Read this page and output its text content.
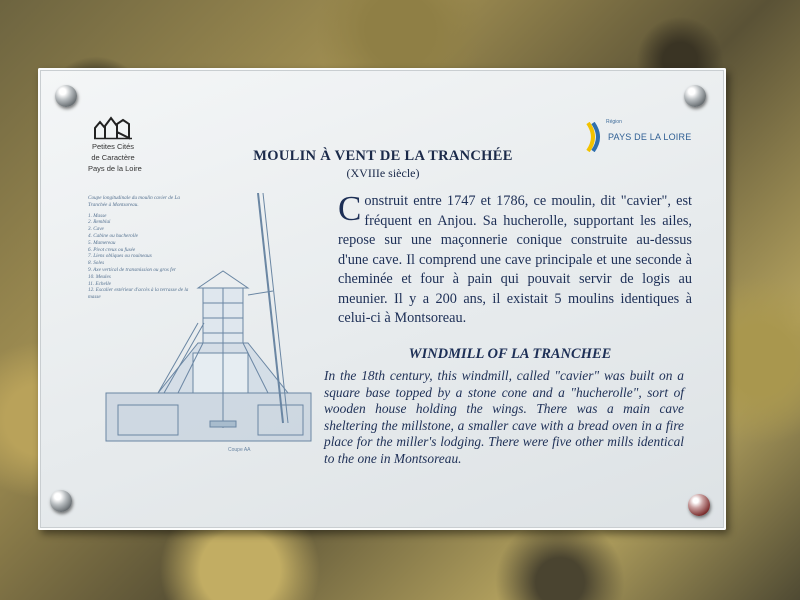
Petites Cités
de Caractère
Pays de la Loire
Région
PAYS DE LA LOIRE
MOULIN À VENT DE LA TRANCHÉE
(XVIIIe siècle)
Coupe longitudinale du moulin cavier de La Tranchée à Montsoreau.
1. Masse
2. Remblai
3. Cave
4. Cabine ou hucherolle
5. Mamereau
6. Pivot creux ou fusée
7. Liens obliques ou rouineaux
8. Soles
9. Axe vertical de transmission ou gros fer
10. Meules
11. Echelle
12. Escalier extérieur d'accès à la terrasse de la masse
Coupe AA
C onstruit entre 1747 et 1786, ce moulin, dit "cavier", est fréquent en Anjou. Sa hucherolle, supportant les ailes, repose sur une maçonnerie conique construite au-dessus d'une cave. Il comprend une cave principale et une seconde à cheminée et four à pain qui pouvait servir de logis au meunier. Il y a 200 ans, il existait 5 moulins identiques à celui-ci à Montsoreau.
WINDMILL OF LA TRANCHEE
In the 18th century, this windmill, called "cavier" was built on a square base topped by a stone cone and a "hucherolle", sort of wooden house holding the wings. There was a main cave sheltering the millstone, a smaller cave with a bread oven in a fire place for the miller's lodging. There were five other mills identical to the one in Montsoreau.
